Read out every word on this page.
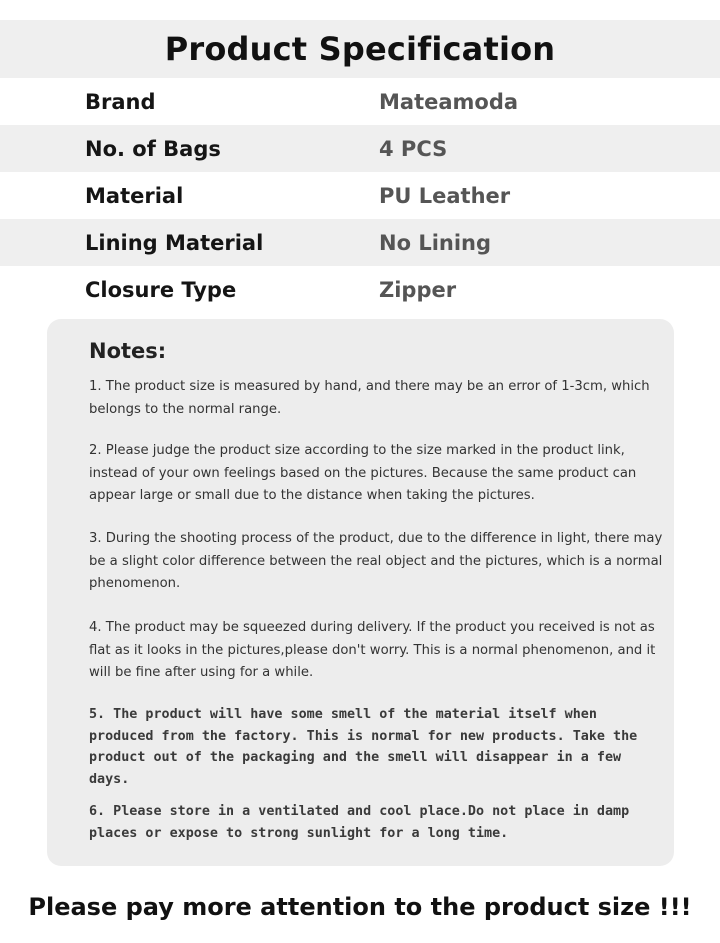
Product Specification
Brand	Mateamoda
No. of Bags	4 PCS
Material	PU Leather
Lining Material	No Lining
Closure Type	Zipper
Notes:
1. The product size is measured by hand, and there may be an error of 1-3cm, which belongs to the normal range.
2. Please judge the product size according to the size marked in the product link, instead of your own feelings based on the pictures. Because the same product can appear large or small due to the distance when taking the pictures.
3. During the shooting process of the product, due to the difference in light, there may be a slight color difference between the real object and the pictures, which is a normal phenomenon.
4. The product may be squeezed during delivery. If the product you received is not as flat as it looks in the pictures,please don't worry. This is a normal phenomenon, and it will be fine after using for a while.
5. The product will have some smell of the material itself when produced from the factory. This is normal for new products. Take the product out of the packaging and the smell will disappear in a few days.
6. Please store in a ventilated and cool place.Do not place in damp places or expose to strong sunlight for a long time.
Please pay more attention to the product size !!!
